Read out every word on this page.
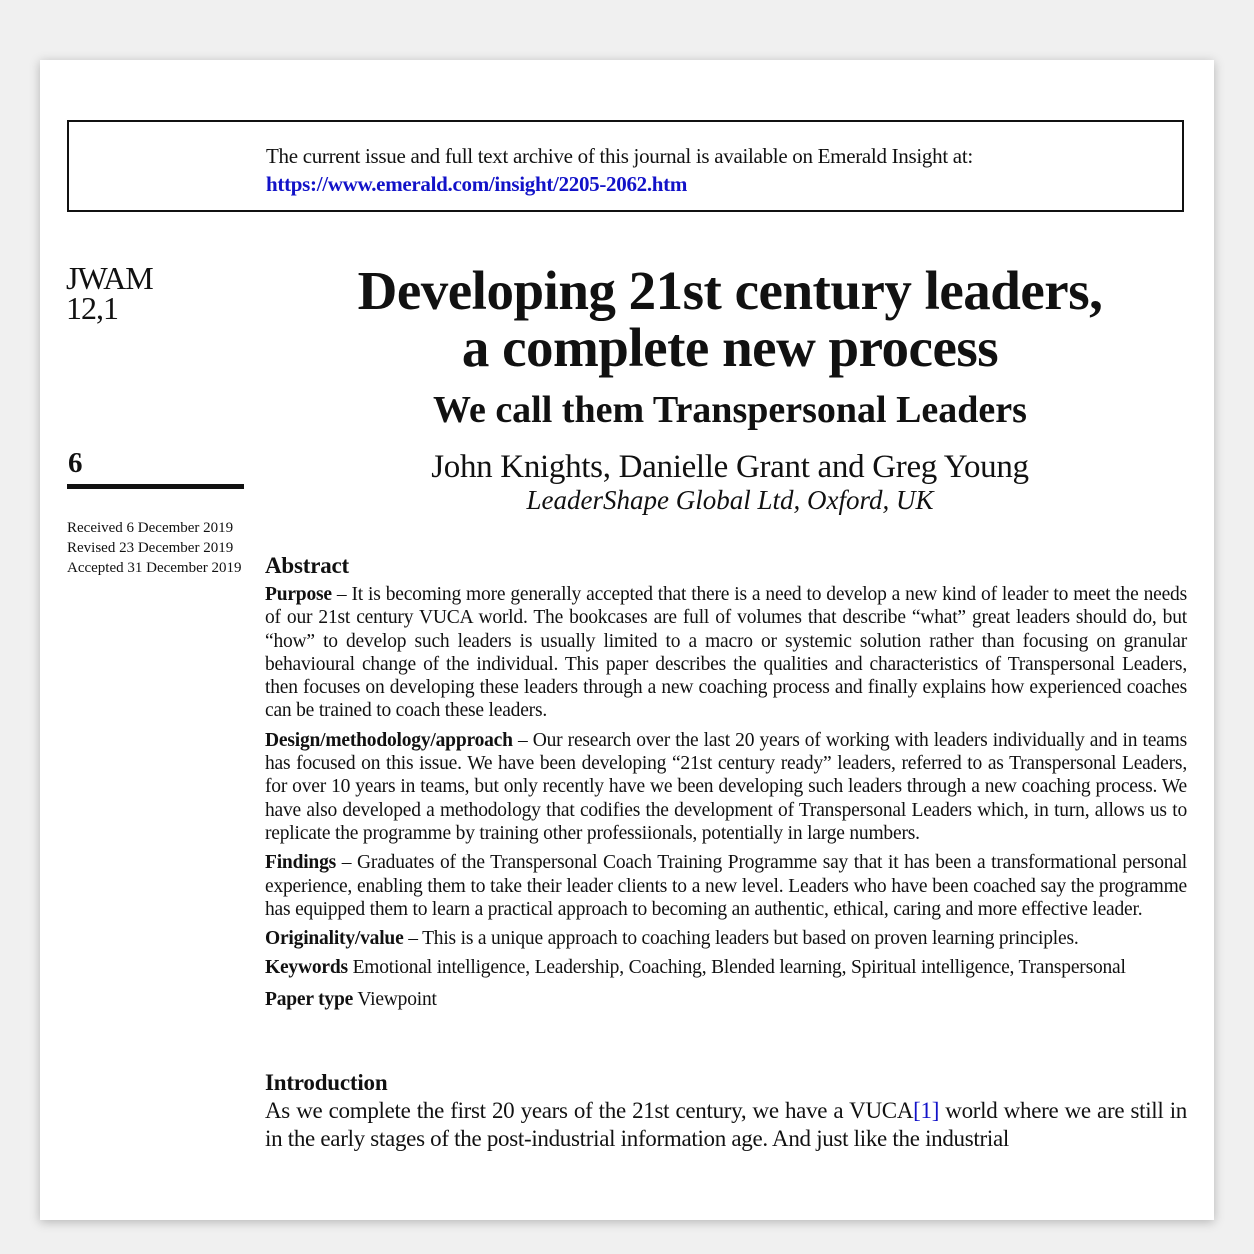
The current issue and full text archive of this journal is available on Emerald Insight at:
https://www.emerald.com/insight/2205-2062.htm
JWAM
12,1
6
Received 6 December 2019
Revised 23 December 2019
Accepted 31 December 2019
Developing 21st century leaders,
a complete new process
We call them Transpersonal Leaders
John Knights, Danielle Grant and Greg Young
LeaderShape Global Ltd, Oxford, UK
Abstract
Purpose – It is becoming more generally accepted that there is a need to develop a new kind of leader to meet the needs of our 21st century VUCA world. The bookcases are full of volumes that describe “what” great leaders should do, but “how” to develop such leaders is usually limited to a macro or systemic solution rather than focusing on granular behavioural change of the individual. This paper describes the qualities and characteristics of Transpersonal Leaders, then focuses on developing these leaders through a new coaching process and finally explains how experienced coaches can be trained to coach these leaders.
Design/methodology/approach – Our research over the last 20 years of working with leaders individually and in teams has focused on this issue. We have been developing “21st century ready” leaders, referred to as Transpersonal Leaders, for over 10 years in teams, but only recently have we been developing such leaders through a new coaching process. We have also developed a methodology that codifies the development of Transpersonal Leaders which, in turn, allows us to replicate the programme by training other professiionals, potentially in large numbers.
Findings – Graduates of the Transpersonal Coach Training Programme say that it has been a transformational personal experience, enabling them to take their leader clients to a new level. Leaders who have been coached say the programme has equipped them to learn a practical approach to becoming an authentic, ethical, caring and more effective leader.
Originality/value – This is a unique approach to coaching leaders but based on proven learning principles.
Keywords Emotional intelligence, Leadership, Coaching, Blended learning, Spiritual intelligence, Transpersonal
Paper type Viewpoint
Introduction
As we complete the first 20 years of the 21st century, we have a VUCA[1] world where we are still in in the early stages of the post-industrial information age. And just like the industrial
